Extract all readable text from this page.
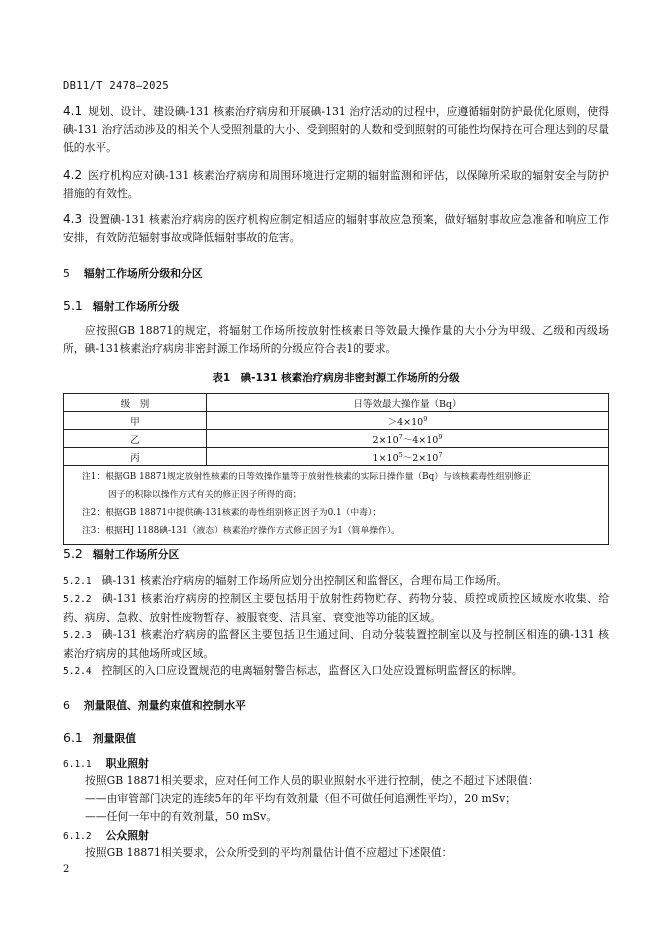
DB11/T 2478—2025
4.1 规划、设计、建设碘-131 核素治疗病房和开展碘-131 治疗活动的过程中，应遵循辐射防护最优化原则，使得碘-131 治疗活动涉及的相关个人受照剂量的大小、受到照射的人数和受到照射的可能性均保持在可合理达到的尽量低的水平。
4.2 医疗机构应对碘-131 核素治疗病房和周围环境进行定期的辐射监测和评估，以保障所采取的辐射安全与防护措施的有效性。
4.3 设置碘-131 核素治疗病房的医疗机构应制定相适应的辐射事故应急预案，做好辐射事故应急准备和响应工作安排，有效防范辐射事故或降低辐射事故的危害。
5 辐射工作场所分级和分区
5.1 辐射工作场所分级
应按照GB 18871的规定，将辐射工作场所按放射性核素日等效最大操作量的大小分为甲级、乙级和丙级场所，碘-131核素治疗病房非密封源工作场所的分级应符合表1的要求。
表1　碘-131 核素治疗病房非密封源工作场所的分级
级　别	日等效最大操作量（Bq）
甲	$>4\times 10^9$
乙	$2\times 10^7\sim 4\times 10^9$
丙	$1\times 10^5\sim 2\times 10^7$

注1：根据GB 18871规定放射性核素的日等效操作量等于放射性核素的实际日操作量（Bq）与该核素毒性组别修正
因子的积除以操作方式有关的修正因子所得的商；
注2：根据GB 18871中提供碘-131核素的毒性组别修正因子为0.1（中毒）；
注3：根据HJ 1188碘-131（液态）核素治疗操作方式修正因子为1（简单操作）。	
5.2 辐射工作场所分区
5.2.1 碘-131 核素治疗病房的辐射工作场所应划分出控制区和监督区，合理布局工作场所。
5.2.2 碘-131 核素治疗病房的控制区主要包括用于放射性药物贮存、药物分装、质控或质控区域废水收集、给药、病房、急救、放射性废物暂存、被服衰变、洁具室、衰变池等功能的区域。
5.2.3 碘-131 核素治疗病房的监督区主要包括卫生通过间、自动分装装置控制室以及与控制区相连的碘-131 核素治疗病房的其他场所或区域。
5.2.4 控制区的入口应设置规范的电离辐射警告标志，监督区入口处应设置标明监督区的标牌。
6 剂量限值、剂量约束值和控制水平
6.1 剂量限值
6.1.1 职业照射
按照GB 18871相关要求，应对任何工作人员的职业照射水平进行控制，使之不超过下述限值：
——由审管部门决定的连续5年的年平均有效剂量（但不可做任何追溯性平均），20 mSv；
——任何一年中的有效剂量，50 mSv。
6.1.2 公众照射
按照GB 18871相关要求，公众所受到的平均剂量估计值不应超过下述限值：
2
